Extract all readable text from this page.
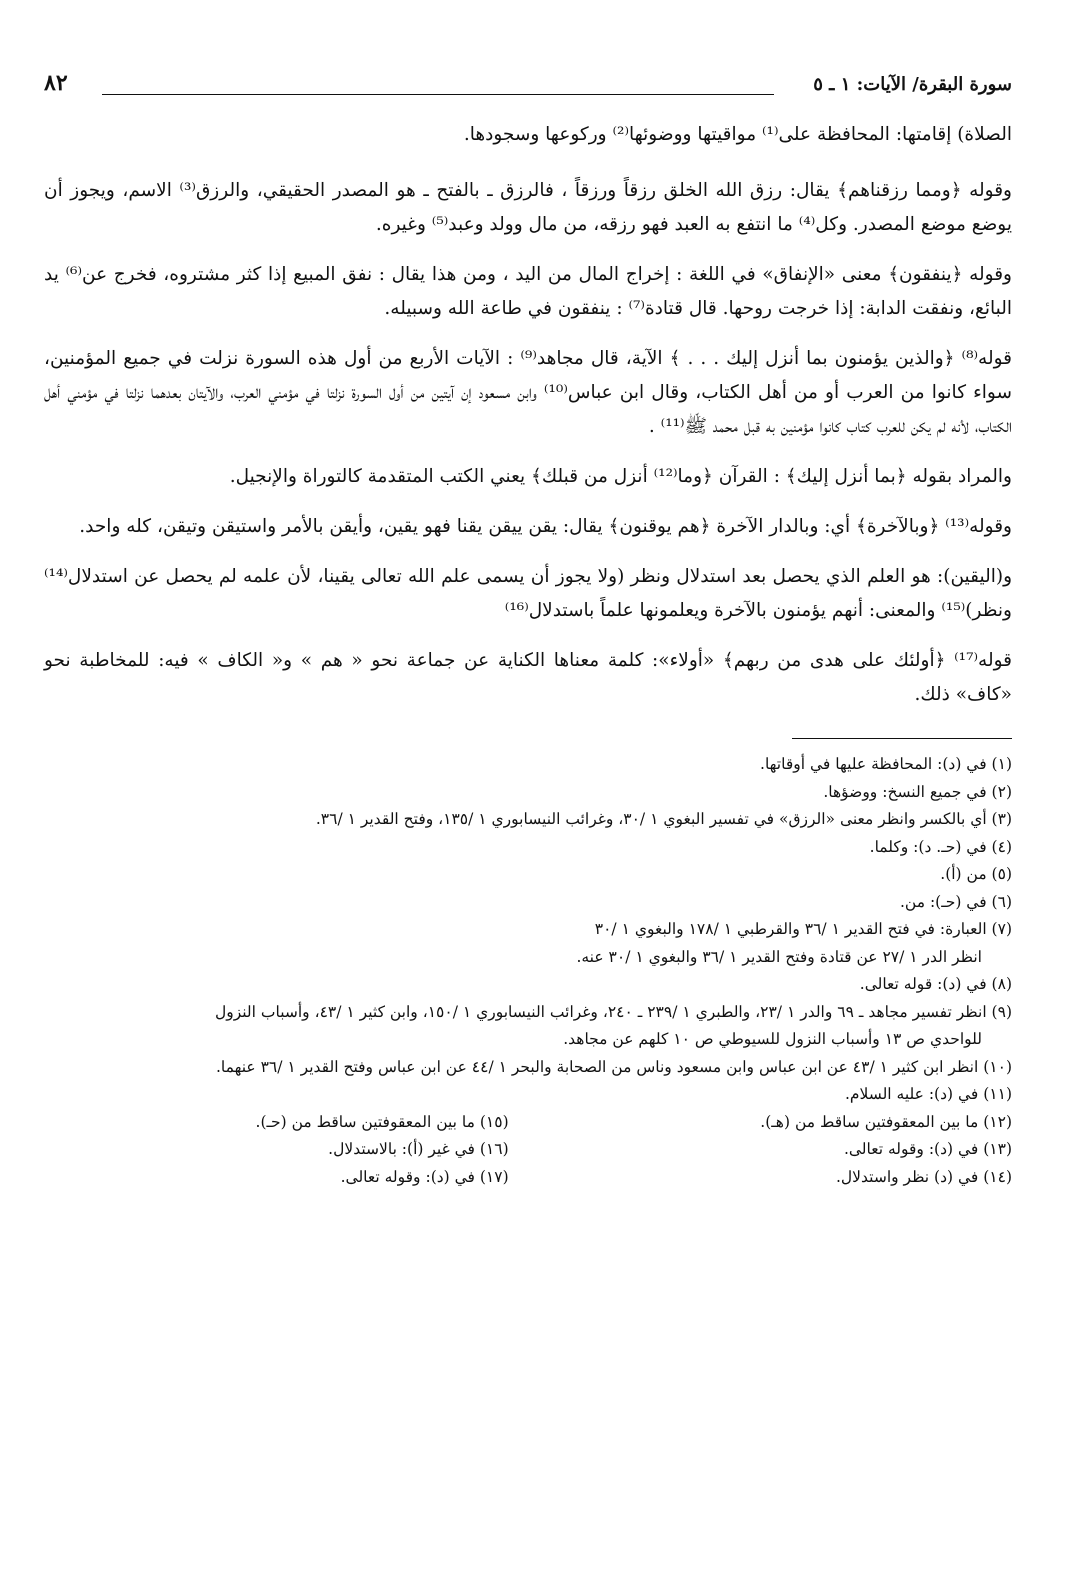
سورة البقرة/ الآيات: ١ ـ ٥
٨٢

الصلاة) إقامتها: المحافظة على⁽¹⁾ مواقيتها ووضوئها⁽²⁾ وركوعها وسجودها.

وقوله ﴿ومما رزقناهم﴾ يقال: رزق الله الخلق رزقاً ورزقاً ، فالرزق ـ بالفتح ـ هو المصدر الحقيقي، والرزق⁽³⁾ الاسم، ويجوز أن يوضع موضع المصدر. وكل⁽⁴⁾ ما انتفع به العبد فهو رزقه، من مال وولد وعبد⁽⁵⁾ وغيره.

وقوله ﴿ينفقون﴾ معنى «الإنفاق» في اللغة : إخراج المال من اليد ، ومن هذا يقال : نفق المبيع إذا كثر مشتروه، فخرج عن⁽⁶⁾ يد البائع، ونفقت الدابة: إذا خرجت روحها. قال قتادة⁽⁷⁾ : ينفقون في طاعة الله وسبيله.

قوله⁽⁸⁾ ﴿والذين يؤمنون بما أنزل إليك . . . ﴾ الآية، قال مجاهد⁽⁹⁾ : الآيات الأربع من أول هذه السورة نزلت في جميع المؤمنين، سواء كانوا من العرب أو من أهل الكتاب، وقال ابن عباس⁽¹⁰⁾ وابن مسعود إن آيتين من أول السورة نزلتا في مؤمني العرب، والآيتان بعدهما نزلتا في مؤمني أهل الكتاب، لأنه لم يكن للعرب كتاب كانوا مؤمنين به قبل محمد ﷺ⁽¹¹⁾ .

والمراد بقوله ﴿بما أنزل إليك﴾ : القرآن ﴿وما⁽¹²⁾ أنزل من قبلك﴾ يعني الكتب المتقدمة كالتوراة والإنجيل.

وقوله⁽¹³⁾ ﴿وبالآخرة﴾ أي: وبالدار الآخرة ﴿هم يوقنون﴾ يقال: يقن ييقن يقنا فهو يقين، وأيقن بالأمر واستيقن وتيقن، كله واحد.

و(اليقين): هو العلم الذي يحصل بعد استدلال ونظر (ولا يجوز أن يسمى علم الله تعالى يقينا، لأن علمه لم يحصل عن استدلال⁽¹⁴⁾ ونظر)⁽¹⁵⁾ والمعنى: أنهم يؤمنون بالآخرة ويعلمونها علماً باستدلال⁽¹⁶⁾

قوله⁽¹⁷⁾ ﴿أولئك على هدى من ربهم﴾ «أولاء»: كلمة معناها الكناية عن جماعة نحو « هم » و« الكاف » فيه: للمخاطبة نحو «كاف» ذلك.

(١) في (د): المحافظة عليها في أوقاتها.

(٢) في جميع النسخ: ووضؤها.

(٣) أي بالكسر وانظر معنى «الرزق» في تفسير البغوي ١ /٣٠، وغرائب النيسابوري ١ /١٣٥، وفتح القدير ١ /٣٦.

(٤) في (حـ. د): وكلما.

(٥) من (أ).

(٦) في (حـ): من.

(٧) العبارة: في فتح القدير ١ /٣٦ والقرطبي ١ /١٧٨ والبغوي ١ /٣٠

انظر الدر ١ /٢٧ عن قتادة وفتح القدير ١ /٣٦ والبغوي ١ /٣٠ عنه.

(٨) في (د): قوله تعالى.

(٩) انظر تفسير مجاهد ـ ٦٩ والدر ١ /٢٣، والطبري ١ /٢٣٩ ـ ٢٤٠، وغرائب النيسابوري ١ /١٥٠، وابن كثير ١ /٤٣، وأسباب النزول

للواحدي ص ١٣ وأسباب النزول للسيوطي ص ١٠ كلهم عن مجاهد.

(١٠) انظر ابن كثير ١ /٤٣ عن ابن عباس وابن مسعود وناس من الصحابة والبحر ١ /٤٤ عن ابن عباس وفتح القدير ١ /٣٦ عنهما.

(١١) في (د): عليه السلام.

(١٢) ما بين المعقوفتين ساقط من (هـ).

(١٣) في (د): وقوله تعالى.

(١٤) في (د) نظر واستدلال.

(١٥) ما بين المعقوفتين ساقط من (حـ).

(١٦) في غير (أ): بالاستدلال.

(١٧) في (د): وقوله تعالى.
